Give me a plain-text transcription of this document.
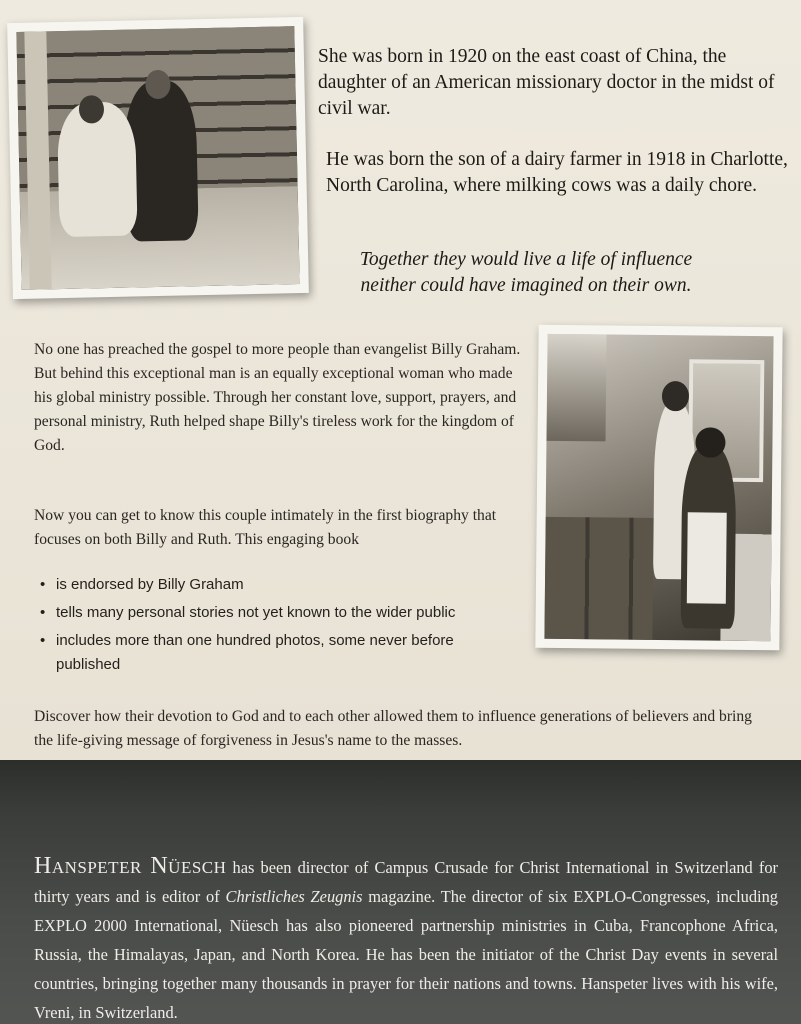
She was born in 1920 on the east coast of China, the daughter of an American missionary doctor in the midst of civil war.

He was born the son of a dairy farmer in 1918 in Charlotte, North Carolina, where milking cows was a daily chore.

Together they would live a life of influence neither could have imagined on their own.

No one has preached the gospel to more people than evangelist Billy Graham. But behind this exceptional man is an equally exceptional woman who made his global ministry possible. Through her constant love, support, prayers, and personal ministry, Ruth helped shape Billy's tireless work for the kingdom of God.

Now you can get to know this couple intimately in the first biography that focuses on both Billy and Ruth. This engaging book

• is endorsed by Billy Graham
• tells many personal stories not yet known to the wider public
• includes more than one hundred photos, some never before published

Discover how their devotion to God and to each other allowed them to influence generations of believers and bring the life-giving message of forgiveness in Jesus's name to the masses.

Hanspeter Nüesch has been director of Campus Crusade for Christ International in Switzerland for thirty years and is editor of Christliches Zeugnis magazine. The director of six EXPLO-Congresses, including EXPLO 2000 International, Nüesch has also pioneered partnership ministries in Cuba, Francophone Africa, Russia, the Himalayas, Japan, and North Korea. He has been the initiator of the Christ Day events in several countries, bringing together many thousands in prayer for their nations and towns. Hanspeter lives with his wife, Vreni, in Switzerland.
